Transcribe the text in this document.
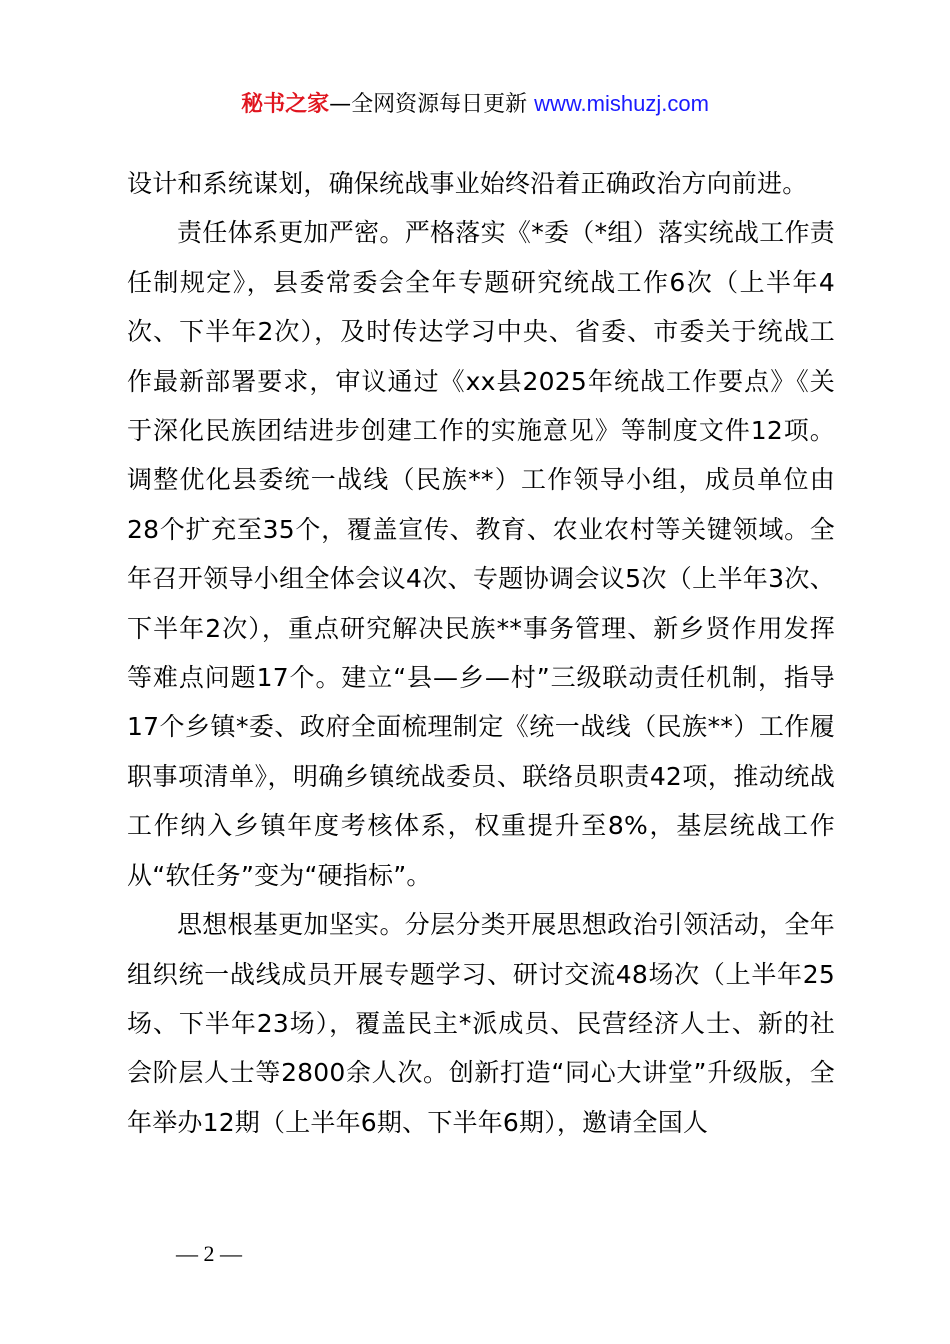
秘书之家—全网资源每日更新 www.mishuzj.com

设计和系统谋划，确保统战事业始终沿着正确政治方向前进。

责任体系更加严密。严格落实《*委（*组）落实统战工作责任制规定》，县委常委会全年专题研究统战工作6次（上半年4次、下半年2次），及时传达学习中央、省委、市委关于统战工作最新部署要求，审议通过《xx县2025年统战工作要点》《关于深化民族团结进步创建工作的实施意见》等制度文件12项。调整优化县委统一战线（民族**）工作领导小组，成员单位由28个扩充至35个，覆盖宣传、教育、农业农村等关键领域。全年召开领导小组全体会议4次、专题协调会议5次（上半年3次、下半年2次），重点研究解决民族**事务管理、新乡贤作用发挥等难点问题17个。建立“县—乡—村”三级联动责任机制，指导17个乡镇*委、政府全面梳理制定《统一战线（民族**）工作履职事项清单》，明确乡镇统战委员、联络员职责42项，推动统战工作纳入乡镇年度考核体系，权重提升至8%，基层统战工作从“软任务”变为“硬指标”。

思想根基更加坚实。分层分类开展思想政治引领活动，全年组织统一战线成员开展专题学习、研讨交流48场次（上半年25场、下半年23场），覆盖民主*派成员、民营经济人士、新的社会阶层人士等2800余人次。创新打造“同心大讲堂”升级版，全年举办12期（上半年6期、下半年6期），邀请全国人

— 2 —
